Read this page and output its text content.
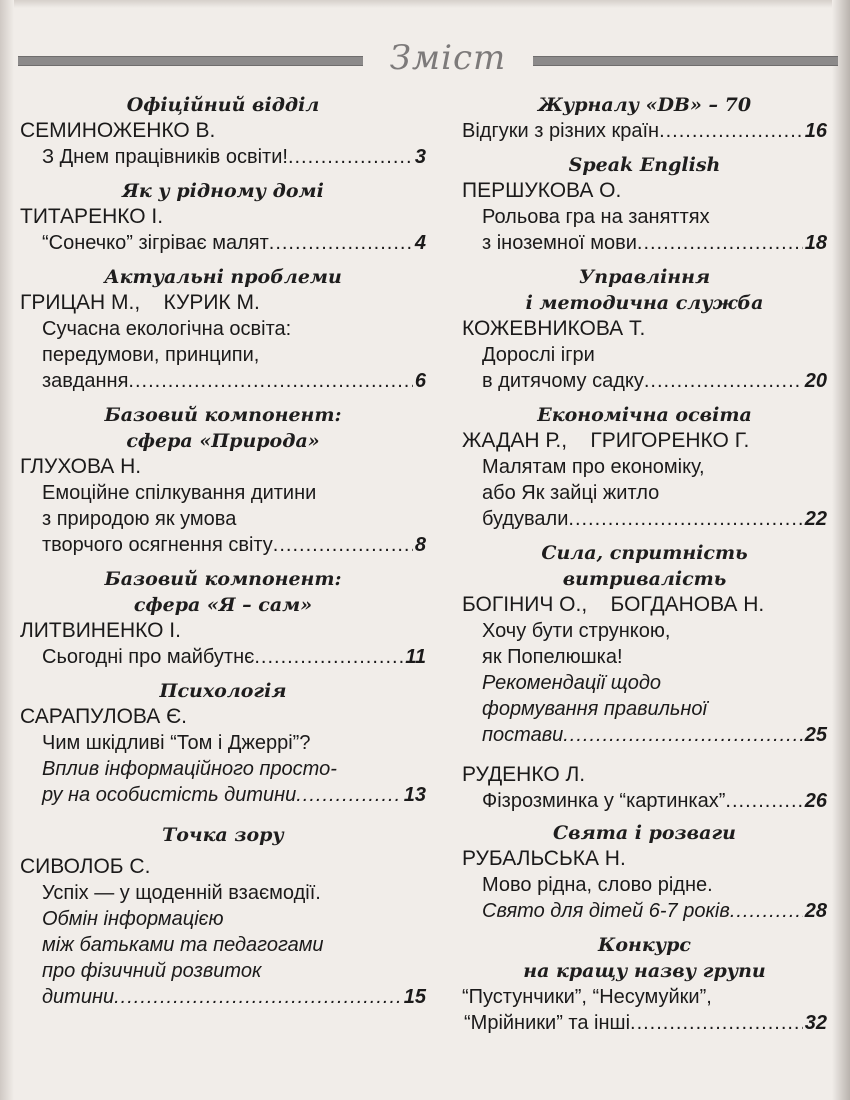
Зміст
Офіційний відділ
СЕМИНОЖЕНКО В.
З Днем працівників освіти! .....	3
Як у рідному домі
ТИТАРЕНКО І.
“Сонечко” зігріває малят .....	4
Актуальні проблеми
ГРИЦАН М.,    КУРИК М.
Сучасна екологічна освіта:
передумови, принципи,
завдання .....	6
Базовий компонент:
сфера «Природа»
ГЛУХОВА Н.
Емоційне спілкування дитини
з природою як умова
творчого осягнення світу .....	8
Базовий компонент:
сфера «Я – сам»
ЛИТВИНЕНКО І.
Сьогодні про майбутнє .....	11
Психологія
САРАПУЛОВА Є.
Чим шкідливі “Том і Джеррі”?
Вплив інформаційного просто-
ру на особистість дитини .....	13
Точка зору
СИВОЛОБ С.
Успіх — у щоденній взаємодії.
Обмін інформацією
між батьками та педагогами
про фізичний розвиток
дитини .....	15
Журналу «DB» – 70
Відгуки з різних країн .....	16
Speak English
ПЕРШУКОВА О.
Рольова гра на заняттях
з іноземної мови .....	18
Управління
і методична служба
КОЖЕВНИКОВА Т.
Дорослі ігри
в дитячому садку .....	20
Економічна освіта
ЖАДАН Р.,    ГРИГОРЕНКО Г.
Малятам про економіку,
або Як зайці житло
будували .....	22
Сила, спритність
витривалість
БОГІНИЧ О.,    БОГДАНОВА Н.
Хочу бути стрункою,
як Попелюшка!
Рекомендації щодо
формування правильної
постави .....	25
РУДЕНКО Л.
Фізрозминка у “картинках” .....	26
Свята і розваги
РУБАЛЬСЬКА Н.
Мово рідна, слово рідне.
Свято для дітей 6-7 років .....	28
Конкурс
на кращу назву групи
“Пустунчики”, “Несумуйки”,
“Мрійники” та інші .....	32
